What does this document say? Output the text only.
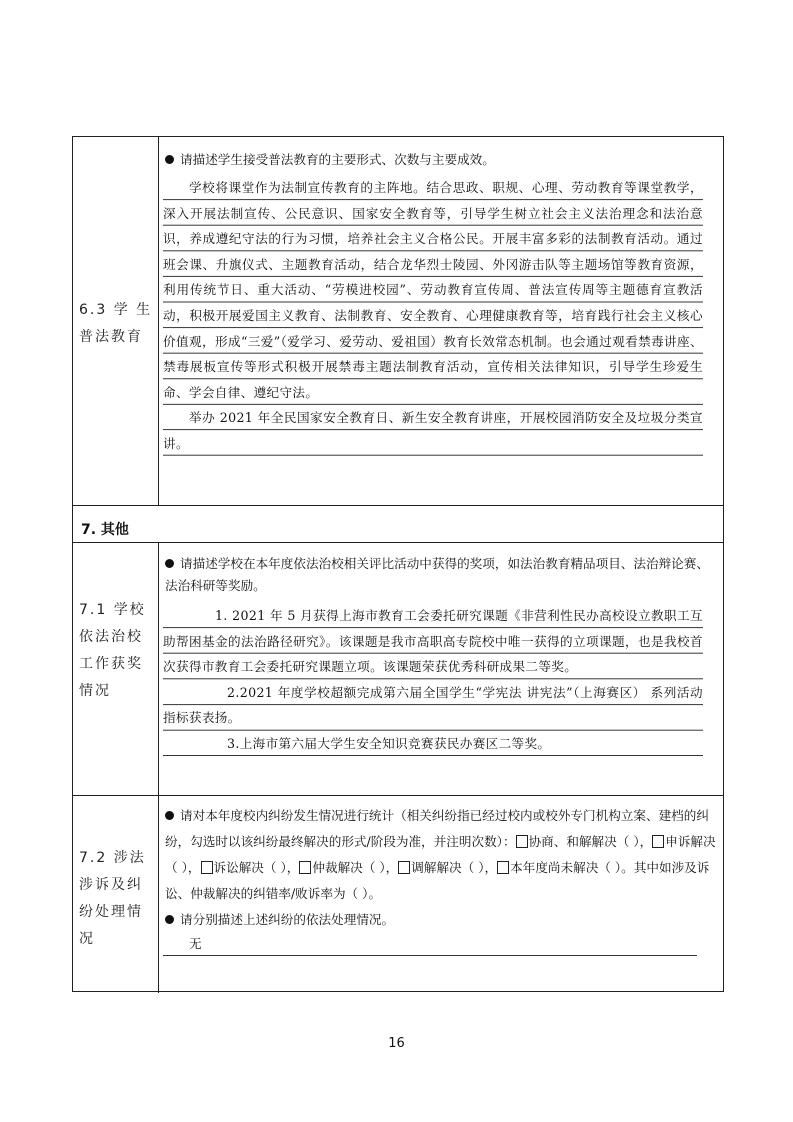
6.3 学 生
普法教育
请描述学生接受普法教育的主要形式、次数与主要成效。
学校将课堂作为法制宣传教育的主阵地。结合思政、职规、心理、劳动教育等课堂教学，深入开展法制宣传、公民意识、国家安全教育等，引导学生树立社会主义法治理念和法治意识，养成遵纪守法的行为习惯，培养社会主义合格公民。开展丰富多彩的法制教育活动。通过班会课、升旗仪式、主题教育活动，结合龙华烈士陵园、外冈游击队等主题场馆等教育资源，利用传统节日、重大活动、“劳模进校园”、劳动教育宣传周、普法宣传周等主题德育宣教活动，积极开展爱国主义教育、法制教育、安全教育、心理健康教育等，培育践行社会主义核心价值观，形成“三爱”（爱学习、爱劳动、爱祖国）教育长效常态机制。也会通过观看禁毒讲座、禁毒展板宣传等形式积极开展禁毒主题法制教育活动，宣传相关法律知识，引导学生珍爱生命、学会自律、遵纪守法。
举办 2021 年全民国家安全教育日、新生安全教育讲座，开展校园消防安全及垃圾分类宣讲。
7. 其他
7.1 学校
依法治校
工作获奖
情况
请描述学校在本年度依法治校相关评比活动中获得的奖项，如法治教育精品项目、法治辩论赛、法治科研等奖励。
1. 2021 年 5 月获得上海市教育工会委托研究课题《非营利性民办高校设立教职工互助帮困基金的法治路径研究》。该课题是我市高职高专院校中唯一获得的立项课题，也是我校首次获得市教育工会委托研究课题立项。该课题荣获优秀科研成果二等奖。
2.2021 年度学校超额完成第六届全国学生“学宪法 讲宪法”（上海赛区） 系列活动指标获表扬。
3.上海市第六届大学生安全知识竞赛获民办赛区二等奖。
7.2 涉法
涉诉及纠
纷处理情
况
请对本年度校内纠纷发生情况进行统计（相关纠纷指已经过校内或校外专门机构立案、建档的纠纷，勾选时以该纠纷最终解决的形式/阶段为准，并注明次数）： 协商、和解解决（ ）， 申诉解决（ ）， 诉讼解决（ ）， 仲裁解决（ ）， 调解解决（ ）， 本年度尚未解决（ ）。其中如涉及诉讼、仲裁解决的纠错率/败诉率为（ ）。
请分别描述上述纠纷的依法处理情况。
无
16
